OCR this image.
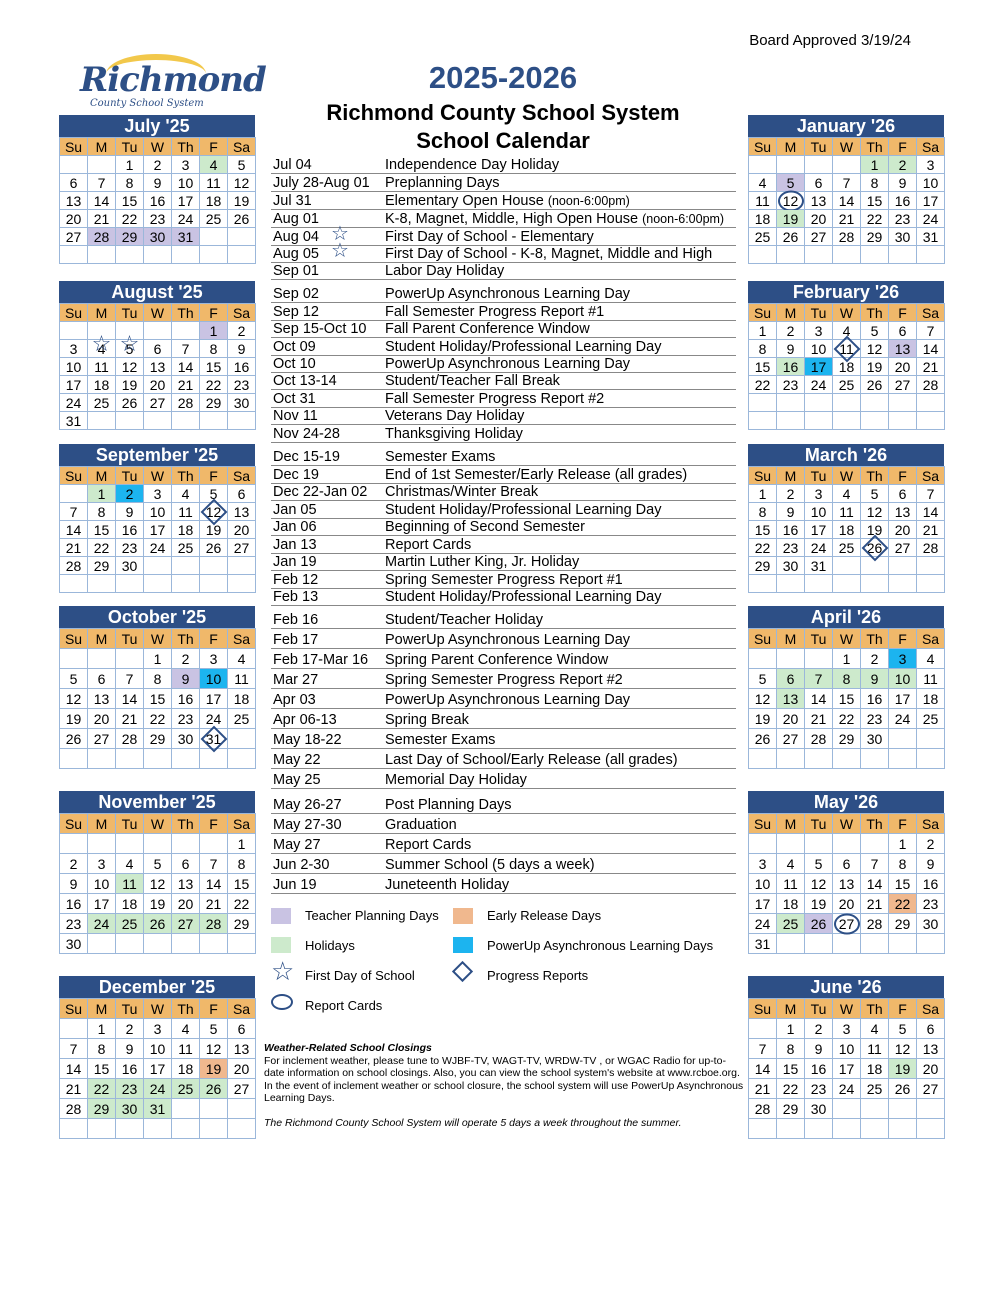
Board Approved 3/19/24
Richmond
County School System
2025-2026
Richmond County School System
School Calendar
July '25
Su	M	Tu	W	Th	F	Sa
		1	2	3	4	5
6	7	8	9	10	11	12
13	14	15	16	17	18	19
20	21	22	23	24	25	26
27	28	29	30	31		

August '25
Su	M	Tu	W	Th	F	Sa
					1	2
3	4 ☆	5 ☆	6	7	8	9
10	11	12	13	14	15	16
17	18	19	20	21	22	23
24	25	26	27	28	29	30
31						
September '25
Su	M	Tu	W	Th	F	Sa
	1	2	3	4	5	6
7	8	9	10	11	12	13
14	15	16	17	18	19	20
21	22	23	24	25	26	27
28	29	30				

October '25
Su	M	Tu	W	Th	F	Sa
			1	2	3	4
5	6	7	8	9	10	11
12	13	14	15	16	17	18
19	20	21	22	23	24	25
26	27	28	29	30	31	

November '25
Su	M	Tu	W	Th	F	Sa
						1
2	3	4	5	6	7	8
9	10	11	12	13	14	15
16	17	18	19	20	21	22
23	24	25	26	27	28	29
30						
December '25
Su	M	Tu	W	Th	F	Sa
	1	2	3	4	5	6
7	8	9	10	11	12	13
14	15	16	17	18	19	20
21	22	23	24	25	26	27
28	29	30	31			

January '26
Su	M	Tu	W	Th	F	Sa
				1	2	3
4	5	6	7	8	9	10
11	12	13	14	15	16	17
18	19	20	21	22	23	24
25	26	27	28	29	30	31

February '26
Su	M	Tu	W	Th	F	Sa
1	2	3	4	5	6	7
8	9	10	11	12	13	14
15	16	17	18	19	20	21
22	23	24	25	26	27	28

March '26
Su	M	Tu	W	Th	F	Sa
1	2	3	4	5	6	7
8	9	10	11	12	13	14
15	16	17	18	19	20	21
22	23	24	25	26	27	28
29	30	31				

April '26
Su	M	Tu	W	Th	F	Sa
			1	2	3	4
5	6	7	8	9	10	11
12	13	14	15	16	17	18
19	20	21	22	23	24	25
26	27	28	29	30		

May '26
Su	M	Tu	W	Th	F	Sa
					1	2
3	4	5	6	7	8	9
10	11	12	13	14	15	16
17	18	19	20	21	22	23
24	25	26	27	28	29	30
31						
June '26
Su	M	Tu	W	Th	F	Sa
	1	2	3	4	5	6
7	8	9	10	11	12	13
14	15	16	17	18	19	20
21	22	23	24	25	26	27
28	29	30				

Jul 04	Independence Day Holiday
July 28-Aug 01 Preplanning Days
Jul 31	Elementary Open House (noon-6:00pm)
Aug 01	K-8, Magnet, Middle, High Open House (noon-6:00pm)
Aug 04 ☆ First Day of School - Elementary
Aug 05 ☆ First Day of School - K-8, Magnet, Middle and High
Sep 01	Labor Day Holiday
Sep 02	PowerUp Asynchronous Learning Day
Sep 12	Fall Semester Progress Report #1
Sep 15-Oct 10 Fall Parent Conference Window
Oct 09	Student Holiday/Professional Learning Day
Oct 10	PowerUp Asynchronous Learning Day
Oct 13-14	Student/Teacher Fall Break
Oct 31	Fall Semester Progress Report #2
Nov 11	Veterans Day Holiday
Nov 24-28	Thanksgiving Holiday
Dec 15-19	Semester Exams
Dec 19	End of 1st Semester/Early Release (all grades)
Dec 22-Jan 02 Christmas/Winter Break
Jan 05	Student Holiday/Professional Learning Day
Jan 06	Beginning of Second Semester
Jan 13	Report Cards
Jan 19	Martin Luther King, Jr. Holiday
Feb 12	Spring Semester Progress Report #1
Feb 13	Student Holiday/Professional Learning Day
Feb 16	Student/Teacher Holiday
Feb 17	PowerUp Asynchronous Learning Day
Feb 17-Mar 16 Spring Parent Conference Window
Mar 27	Spring Semester Progress Report #2
Apr 03	PowerUp Asynchronous Learning Day
Apr 06-13	Spring Break
May 18-22	Semester Exams
May 22	Last Day of School/Early Release (all grades)
May 25	Memorial Day Holiday
May 26-27	Post Planning Days
May 27-30	Graduation
May 27	Report Cards
Jun 2-30	Summer School (5 days a week)
Jun 19	Juneteenth Holiday
Teacher Planning Days	Early Release Days
Holidays	PowerUp Asynchronous Learning Days
☆ First Day of School	Progress Reports
Report Cards
Weather-Related School Closings
For inclement weather, please tune to WJBF-TV, WAGT-TV, WRDW-TV , or WGAC Radio for up-to-date information on school closings. Also, you can view the school system's website at www.rcboe.org. In the event of inclement weather or school closure, the school system will use PowerUp Asynchronous Learning Days.
The Richmond County School System will operate 5 days a week throughout the summer.
